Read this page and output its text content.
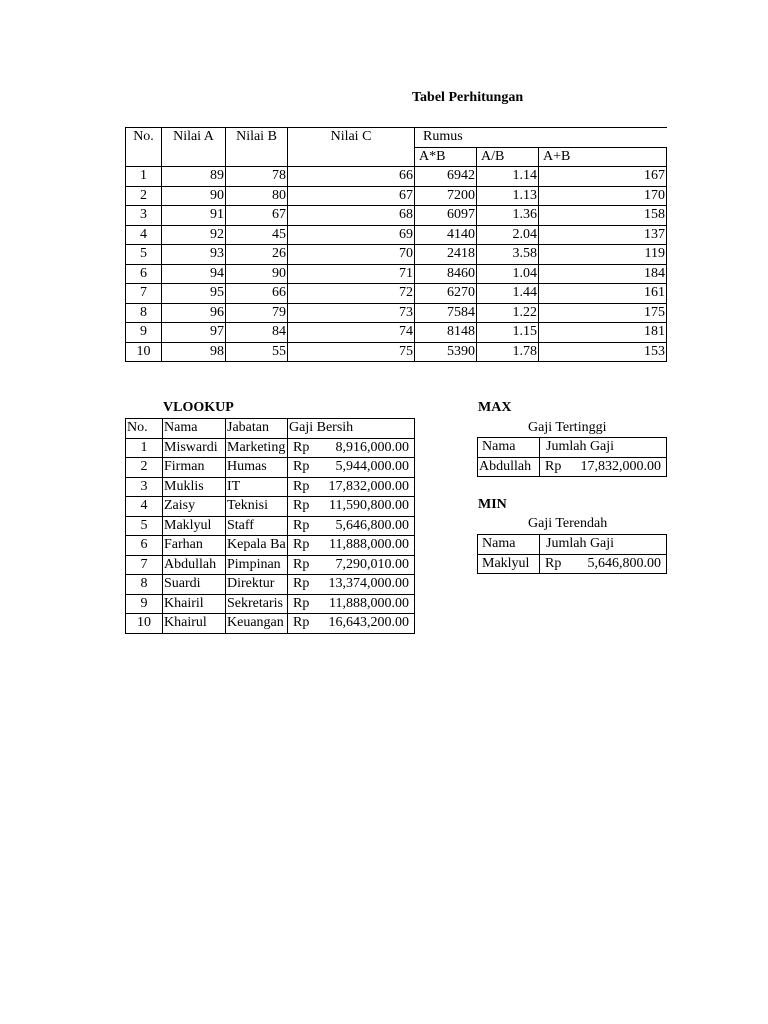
Tabel Perhitungan
No.	Nilai A	Nilai B	Nilai C	Rumus		
				A*B	A/B	A+B
1	89	78	66	6942	1.14	167
2	90	80	67	7200	1.13	170
3	91	67	68	6097	1.36	158
4	92	45	69	4140	2.04	137
5	93	26	70	2418	3.58	119
6	94	90	71	8460	1.04	184
7	95	66	72	6270	1.44	161
8	96	79	73	7584	1.22	175
9	97	84	74	8148	1.15	181
10	98	55	75	5390	1.78	153
VLOOKUP
No.	Nama	Jabatan	Gaji Bersih
1	Miswardi	Marketing	Rp 8,916,000.00

2	Firman	Humas	Rp 5,944,000.00

3	Muklis	IT	Rp 17,832,000.00

4	Zaisy	Teknisi	Rp 11,590,800.00

5	Maklyul	Staff	Rp 5,646,800.00

6	Farhan	Kepala Ba	Rp 11,888,000.00

7	Abdullah	Pimpinan	Rp 7,290,010.00

8	Suardi	Direktur	Rp 13,374,000.00

9	Khairil	Sekretaris	Rp 11,888,000.00

10	Khairul	Keuangan	Rp 16,643,200.00
MAX
Gaji Tertinggi
Nama	Jumlah Gaji
Abdullah	Rp 17,832,000.00
MIN
Gaji Terendah
Nama	Jumlah Gaji
Maklyul	Rp 5,646,800.00
